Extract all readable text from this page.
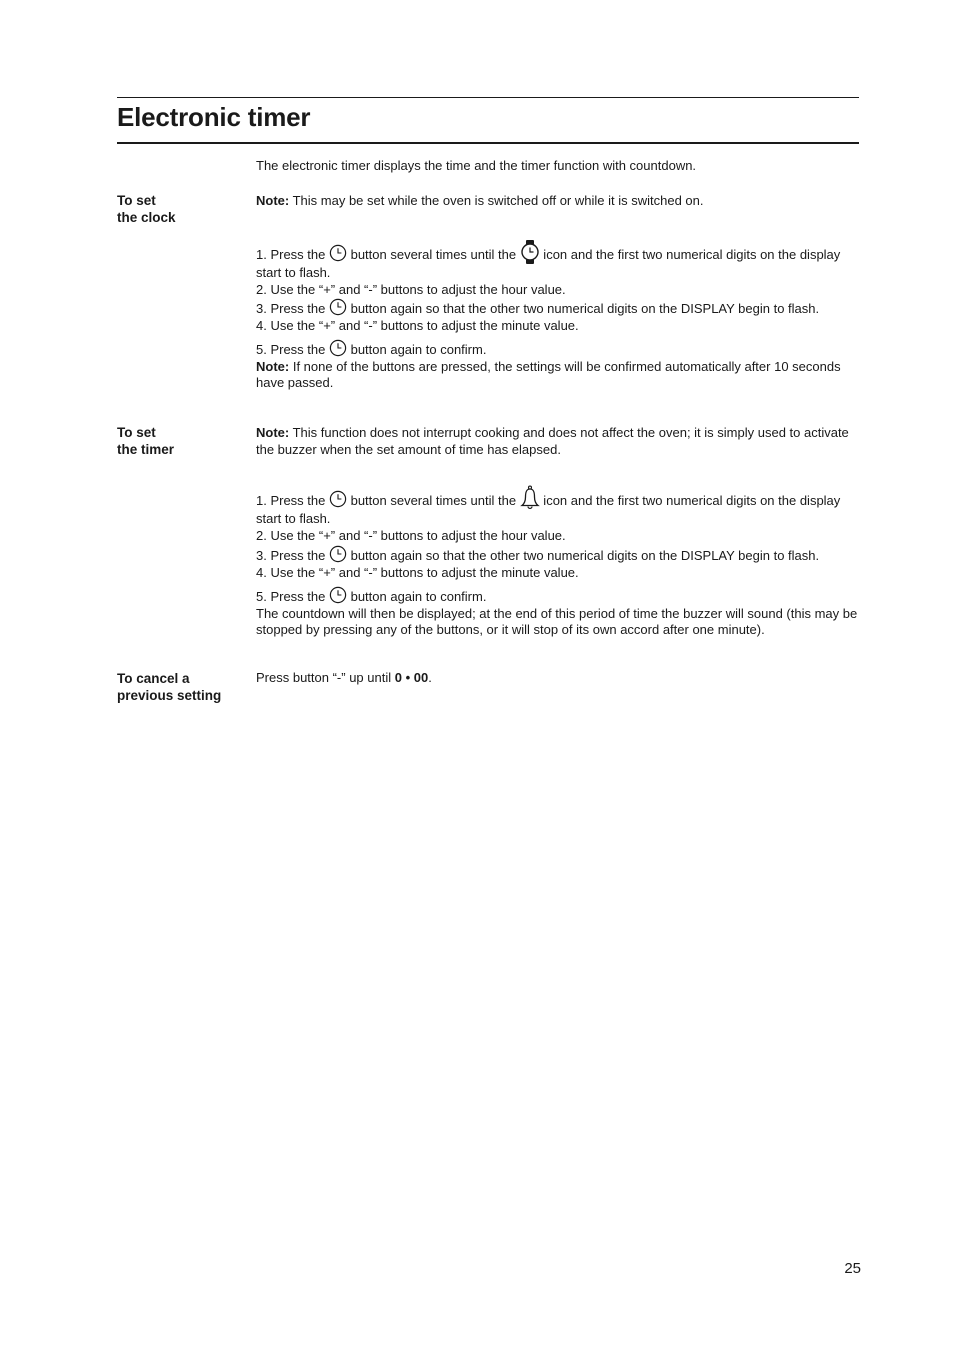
Electronic timer

The electronic timer displays the time and the timer function with countdown.

To set
the clock

Note: This may be set while the oven is switched off or while it is switched on.

1. Press the
button several times until the
icon and the first two numerical digits on the display start to flash.

2. Use the “+” and “-” buttons to adjust the hour value.

3. Press the
button again so that the other two numerical digits on the DISPLAY begin to flash.

4. Use the “+” and “-” buttons to adjust the minute value.

5. Press the
button again to confirm.

Note: If none of the buttons are pressed, the settings will be confirmed automatically after 10 seconds have passed.

To set
the timer

Note: This function does not interrupt cooking and does not affect the oven; it is simply used to activate the buzzer when the set amount of time has elapsed.

1. Press the
button several times until the
icon and the first two numerical digits on the display start to flash.

2. Use the “+” and “-” buttons to adjust the hour value.

3. Press the
button again so that the other two numerical digits on the DISPLAY begin to flash.

4. Use the “+” and “-” buttons to adjust the minute value.

5. Press the
button again to confirm.

The countdown will then be displayed; at the end of this period of time the buzzer will sound (this may be stopped by pressing any of the buttons, or it will stop of its own accord after one minute).

To cancel a
previous setting

Press button “-” up until 0 • 00.

25
